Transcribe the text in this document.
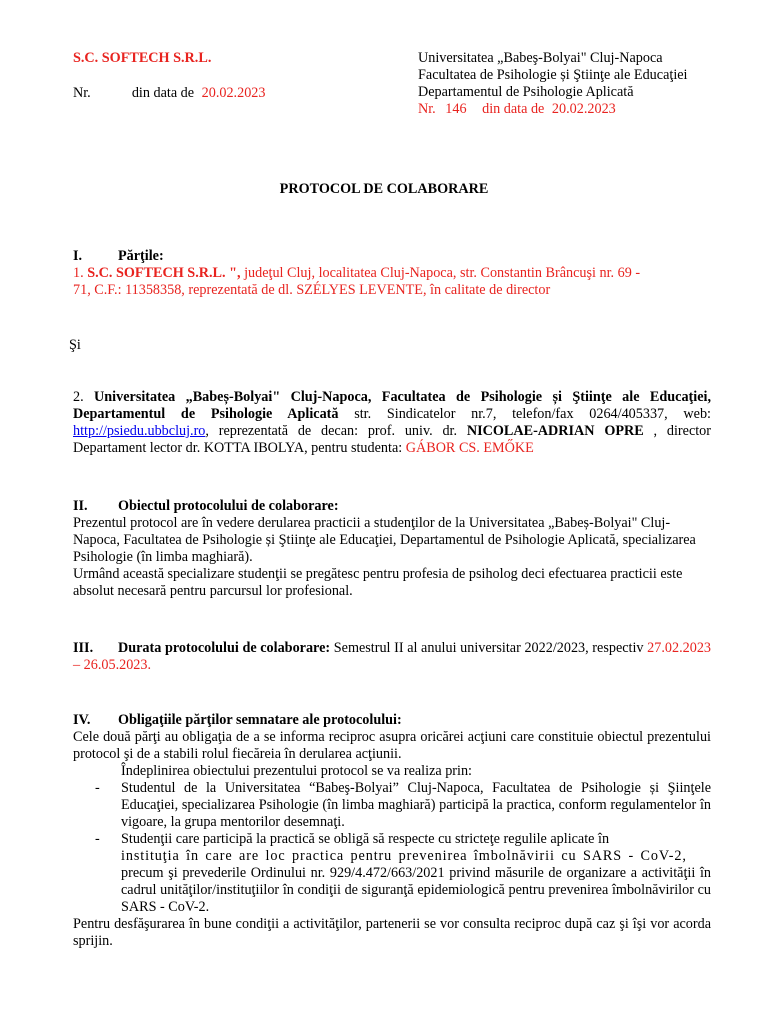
S.C. SOFTECH S.R.L.
Nr.	din data de 20.02.2023
Universitatea „Babeş-Bolyai" Cluj-Napoca
Facultatea de Psihologie și Ştiinţe ale Educaţiei
Departamentul de Psihologie Aplicată
Nr. 146 din data de 20.02.2023
PROTOCOL DE COLABORARE
I.	Părţile:

1. S.C. SOFTECH S.R.L. ", judeţul Cluj, localitatea Cluj-Napoca, str. Constantin Brâncuşi nr. 69 -

71, C.F.: 11358358, reprezentată de dl. SZÉLYES LEVENTE, în calitate de director

Şi

2. Universitatea „Babeș-Bolyai" Cluj-Napoca, Facultatea de Psihologie și Ştiinţe ale Educaţiei, Departamentul de Psihologie Aplicată str. Sindicatelor nr.7, telefon/fax 0264/405337, web: http://psiedu.ubbcluj.ro, reprezentată de decan: prof. univ. dr. NICOLAE-ADRIAN OPRE , director Departament lector dr. KOTTA IBOLYA, pentru studenta: GÁBOR CS. EMŐKE

II.	Obiectul protocolului de colaborare:

Prezentul protocol are în vedere derularea practicii a studenţilor de la Universitatea „Babeș-Bolyai" Cluj-Napoca, Facultatea de Psihologie și Ştiinţe ale Educaţiei, Departamentul de Psihologie Aplicată, specializarea Psihologie (în limba maghiară).

Urmând această specializare studenţii se pregătesc pentru profesia de psiholog deci efectuarea practicii este absolut necesară pentru parcursul lor profesional.

III. Durata protocolului de colaborare: Semestrul II al anului universitar 2022/2023, respectiv 27.02.2023 – 26.05.2023.

IV.	Obligaţiile părţilor semnatare ale protocolului:

Cele două părţi au obligaţia de a se informa reciproc asupra oricărei acţiuni care constituie obiectul prezentului protocol şi de a stabili rolul fiecăreia în derularea acţiunii.

Îndeplinirea obiectului prezentului protocol se va realiza prin:

- Studentul de la Universitatea “Babeş-Bolyai” Cluj-Napoca, Facultatea de Psihologie și Şiinţele Educaţiei, specializarea Psihologie (în limba maghiară) participă la practica, conform regulamentelor în vigoare, la grupa mentorilor desemnaţi.
- Studenţii care participă la practică se obligă să respecte cu stricteţe regulile aplicate în
instituţia în care are loc practica pentru prevenirea îmbolnăvirii cu SARS - CoV-2,
precum şi prevederile Ordinului nr. 929/4.472/663/2021 privind măsurile de organizare a activităţii în cadrul unităţilor/instituţiilor în condiţii de siguranţă epidemiologică pentru prevenirea îmbolnăvirilor cu SARS - CoV-2.

Pentru desfăşurarea în bune condiţii a activităţilor, partenerii se vor consulta reciproc după caz şi îşi vor acorda sprijin.
